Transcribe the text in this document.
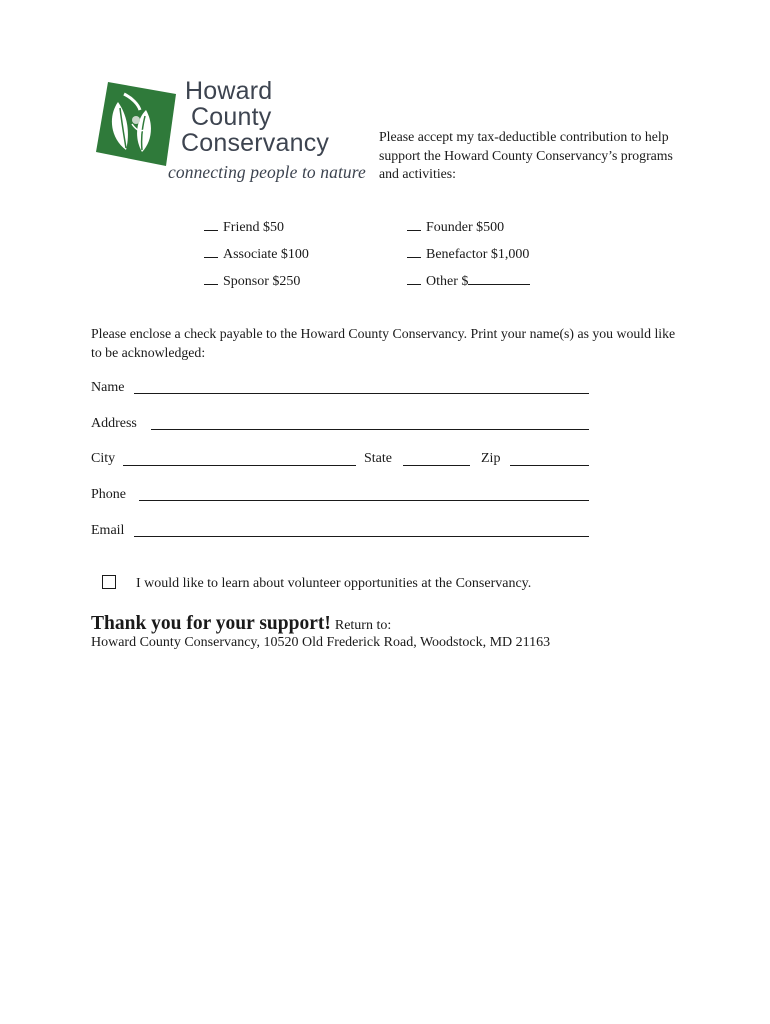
Howard
County
Conservancy
connecting people to nature
Please accept my tax-deductible contribution to help support the Howard County Conservancy’s programs and activities:
Friend $50
Associate $100
Sponsor $250
Founder $500
Benefactor $1,000
Other $
Please enclose a check payable to the Howard County Conservancy. Print your name(s) as you would like to be acknowledged:
Name
Address
City	State	Zip
Phone
Email
I would like to learn about volunteer opportunities at the Conservancy.
Thank you for your support! Return to:
Howard County Conservancy, 10520 Old Frederick Road, Woodstock, MD 21163
